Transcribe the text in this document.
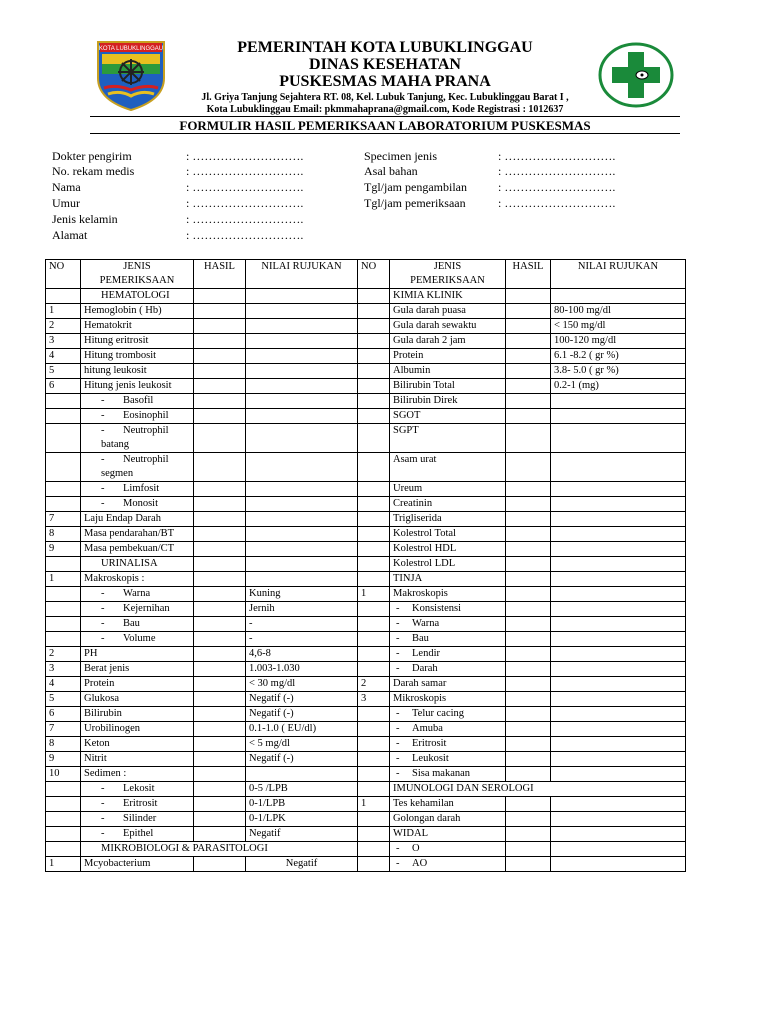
KOTA LUBUKLINGGAU	PEMERINTAH KOTA LUBUKLINGGAU
DINAS KESEHATAN
PUSKESMAS MAHA PRANA
Jl. Griya Tanjung Sejahtera RT. 08, Kel. Lubuk Tanjung, Kec. Lubuklinggau Barat I ,
Kota Lubuklinggau Email: pkmmahaprana@gmail.com, Kode Registrasi : 1012637
FORMULIR HASIL PEMERIKSAAN LABORATORIUM PUSKESMAS
Dokter pengirim	: ……………………….
No. rekam medis	: ……………………….
Nama	: ……………………….
Umur	: ……………………….
Jenis kelamin	: ……………………….
Alamat	: ……………………….
Specimen jenis	: ……………………….
Asal bahan	: ……………………….
Tgl/jam pengambilan	: ……………………….
Tgl/jam pemeriksaan	: ……………………….
NO	JENIS
PEMERIKSAAN	HASIL	NILAI RUJUKAN	NO	JENIS
PEMERIKSAAN	HASIL	NILAI RUJUKAN
	HEMATOLOGI				KIMIA KLINIK		
1	Hemoglobin ( Hb)				Gula darah puasa		80-100 mg/dl
2	Hematokrit				Gula darah sewaktu		< 150 mg/dl
3	Hitung eritrosit				Gula darah 2 jam		100-120 mg/dl
4	Hitung trombosit				Protein		6.1 -8.2 ( gr %)
5	hitung leukosit				Albumin		3.8- 5.0 ( gr %)
6	Hitung jenis leukosit				Bilirubin Total		0.2-1 (mg)
	- Basofil				Bilirubin Direk		
	- Eosinophil				SGOT		
	- Neutrophil batang				SGPT		
	- Neutrophil segmen				Asam urat		
	- Limfosit				Ureum		
	- Monosit				Creatinin		
7	Laju Endap Darah				Trigliserida		
8	Masa pendarahan/BT				Kolestrol Total		
9	Masa pembekuan/CT				Kolestrol HDL		
	URINALISA				Kolestrol LDL		
1	Makroskopis :				TINJA		
	- Warna		Kuning	1	Makroskopis		
	- Kejernihan		Jernih		- Konsistensi		
	- Bau		-		- Warna		
	- Volume		-		- Bau		
2	PH		4,6-8		- Lendir		
3	Berat jenis		1.003-1.030		- Darah		
4	Protein		< 30 mg/dl	2	Darah samar		
5	Glukosa		Negatif (-)	3	Mikroskopis		
6	Bilirubin		Negatif (-)		- Telur cacing		
7	Urobilinogen		0.1-1.0 ( EU/dl)		- Amuba		
8	Keton		< 5 mg/dl		- Eritrosit		
9	Nitrit		Negatif (-)		- Leukosit		
10	Sedimen :				- Sisa makanan		
	- Lekosit		0-5 /LPB		IMUNOLOGI DAN SEROLOGI		
	- Eritrosit		0-1/LPB	1	Tes kehamilan		
	- Silinder		0-1/LPK		Golongan darah		
	- Epithel		Negatif		WIDAL		
	MIKROBIOLOGI & PARASITOLOGI				- O		
1	Mcyobacterium		Negatif		- AO		
